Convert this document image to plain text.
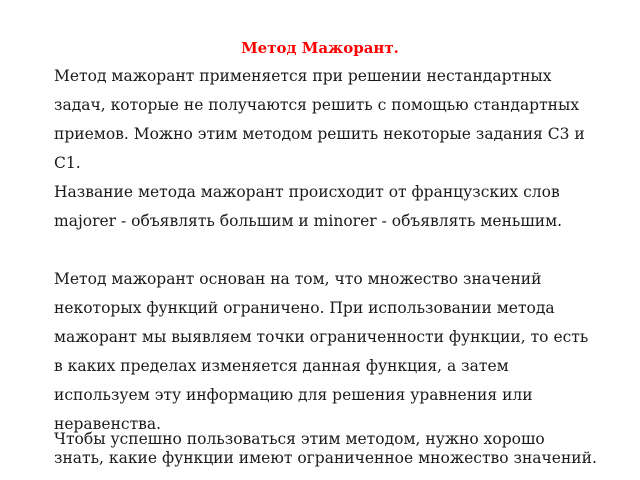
Метод Мажорант.

Метод мажорант применяется при решении нестандартных задач, которые не получаются решить с помощью стандартных приемов. Можно этим методом решить некоторые задания С3 и С1.

Название метода мажорант происходит от французских слов majorer - объявлять большим и minorer - объявлять меньшим.

Метод мажорант основан на том, что множество значений некоторых функций ограничено. При использовании метода мажорант мы выявляем точки ограниченности функции, то есть в каких пределах изменяется данная функция, а затем используем эту информацию для решения уравнения или неравенства.

Чтобы успешно пользоваться этим методом, нужно хорошо знать, какие функции имеют ограниченное множество значений.
